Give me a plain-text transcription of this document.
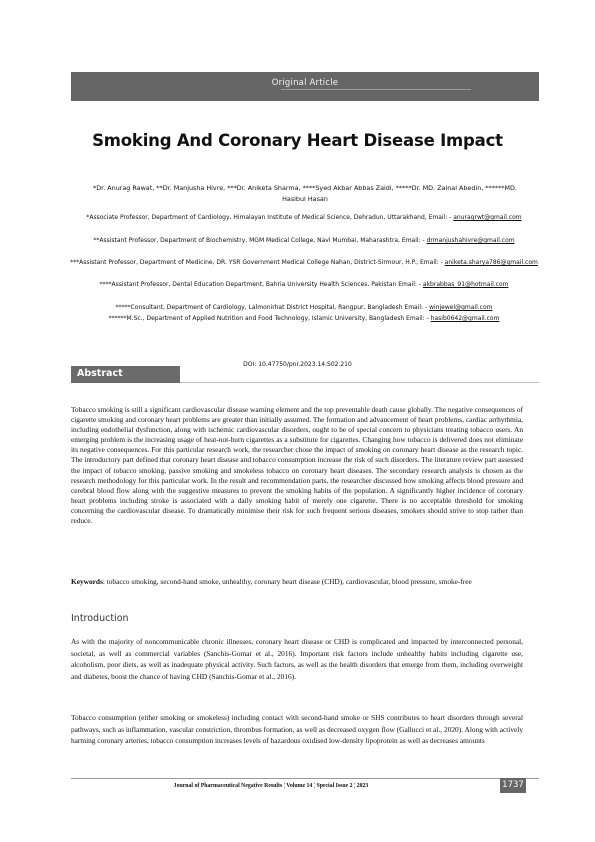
Original Article
Smoking And Coronary Heart Disease Impact
*Dr. Anurag Rawat, **Dr. Manjusha Hivre, ***Dr. Aniketa Sharma, ****Syed Akbar Abbas Zaidi, *****Dr. MD. Zainal Abedin, ******MD. Hasibul Hasan
*Associate Professor, Department of Cardiology, Himalayan Institute of Medical Science, Dehradun, Uttarakhand, Email: - anuragrwt@gmail.com
**Assistant Professor, Department of Biochemistry, MGM Medical College, Navi Mumbai, Maharashtra, Email: - drmanjushahivre@gmail.com
***Assistant Professor, Department of Medicine, DR. YSR Government Medical College Nahan, District-Sirmour, H.P., Email: - aniketa.sharya786@gmail.com
****Assistant Professor, Dental Education Department, Bahria University Health Sciences, Pakistan Email: - akbrabbas_91@hotmail.com
*****Consultant, Department of Cardiology, Lalmonirhat District Hospital, Rangpur, Bangladesh Email: - winjewel@gmail.com
******M.Sc., Department of Applied Nutrition and Food Technology, Islamic University, Bangladesh Email: - hasib0642@gmail.com
DOI: 10.47750/pnr.2023.14.S02.210
Abstract

Tobacco smoking is still a significant cardiovascular disease warning element and the top preventable death cause globally. The negative consequences of cigarette smoking and coronary heart problems are greater than initially assumed. The formation and advancement of heart problems, cardiac arrhythmia, including endothelial dysfunction, along with ischemic cardiovascular disorders, ought to be of special concern to physicians treating tobacco users. An emerging problem is the increasing usage of heat-not-burn cigarettes as a substitute for cigarettes. Changing how tobacco is delivered does not eliminate its negative consequences. For this particular research work, the researcher chose the impact of smoking on coronary heart disease as the research topic. The introductory part defined that coronary heart disease and tobacco consumption increase the risk of such disorders. The literature review part assessed the impact of tobacco smoking, passive smoking and smokeless tobacco on coronary heart diseases. The secondary research analysis is chosen as the research methodology for this particular work. In the result and recommendation parts, the researcher discussed how smoking affects blood pressure and cerebral blood flow along with the suggestive measures to prevent the smoking habits of the population. A significantly higher incidence of coronary heart problems including stroke is associated with a daily smoking habit of merely one cigarette. There is no acceptable threshold for smoking concerning the cardiovascular disease. To dramatically minimise their risk for such frequent serious diseases, smokers should strive to stop rather than reduce.

Keywords: tobacco smoking, second-hand smoke, unhealthy, coronary heart disease (CHD), cardiovascular, blood pressure, smoke-free

Introduction

As with the majority of noncommunicable chronic illnesses, coronary heart disease or CHD is complicated and impacted by interconnected personal, societal, as well as commercial variables (Sanchis-Gomar et al., 2016). Important risk factors include unhealthy habits including cigarette use, alcoholism, poor diets, as well as inadequate physical activity. Such factors, as well as the health disorders that emerge from them, including overweight and diabetes, boost the chance of having CHD (Sanchis-Gomar et al., 2016).

Tobacco consumption (either smoking or smokeless) including contact with second-hand smoke or SHS contributes to heart disorders through several pathways, such as inflammation, vascular constriction, thrombus formation, as well as decreased oxygen flow (Gallucci et al., 2020). Along with actively harming coronary arteries, tobacco consumption increases levels of hazardous oxidised low-density lipoprotein as well as decreases amounts

Journal of Pharmaceutical Negative Results ¦ Volume 14 ¦ Special Issue 2 ¦ 2023	1737
